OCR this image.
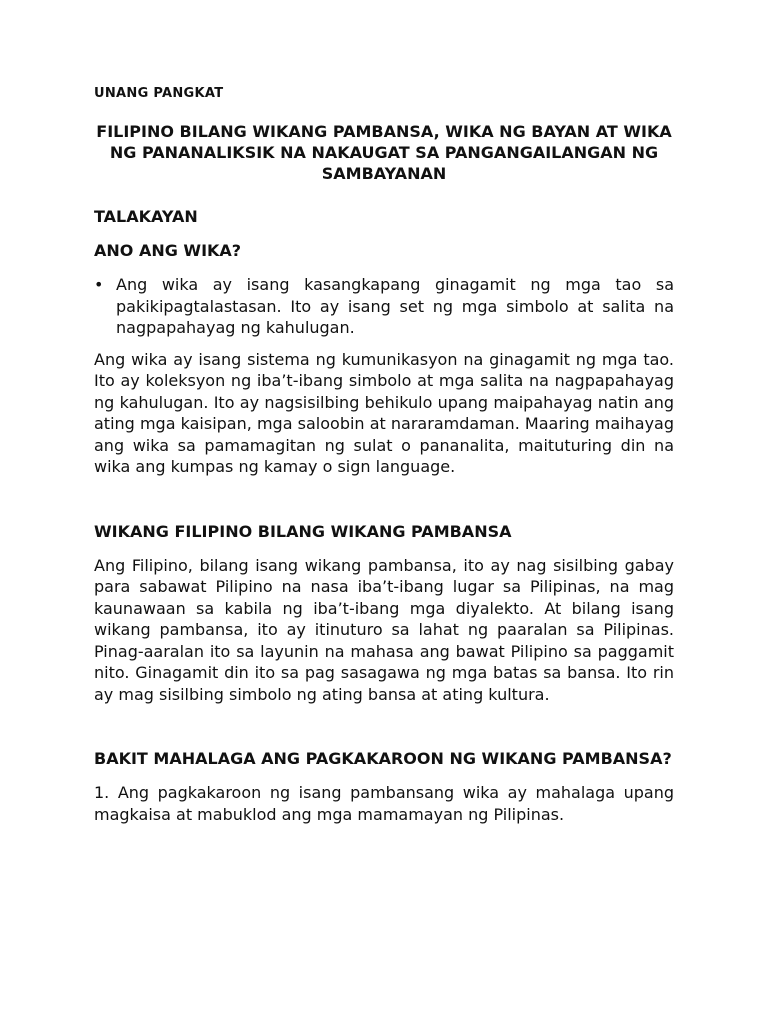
UNANG PANGKAT
FILIPINO BILANG WIKANG PAMBANSA, WIKA NG BAYAN AT WIKA NG PANANALIKSIK NA NAKAUGAT SA PANGANGAILANGAN NG SAMBAYANAN
TALAKAYAN
ANO ANG WIKA?
• Ang wika ay isang kasangkapang ginagamit ng mga tao sa pakikipagtalastasan. Ito ay isang set ng mga simbolo at salita na nagpapahayag ng kahulugan.

Ang wika ay isang sistema ng kumunikasyon na ginagamit ng mga tao. Ito ay koleksyon ng iba’t-ibang simbolo at mga salita na nagpapahayag ng kahulugan. Ito ay nagsisilbing behikulo upang maipahayag natin ang ating mga kaisipan, mga saloobin at nararamdaman. Maaring maihayag ang wika sa pamamagitan ng sulat o pananalita, maituturing din na wika ang kumpas ng kamay o sign language.

WIKANG FILIPINO BILANG WIKANG PAMBANSA

Ang Filipino, bilang isang wikang pambansa, ito ay nag sisilbing gabay para sabawat Pilipino na nasa iba’t-ibang lugar sa Pilipinas, na mag kaunawaan sa kabila ng iba’t-ibang mga diyalekto. At bilang isang wikang pambansa, ito ay itinuturo sa lahat ng paaralan sa Pilipinas. Pinag-aaralan ito sa layunin na mahasa ang bawat Pilipino sa paggamit nito. Ginagamit din ito sa pag sasagawa ng mga batas sa bansa. Ito rin ay mag sisilbing simbolo ng ating bansa at ating kultura.

BAKIT MAHALAGA ANG PAGKAKAROON NG WIKANG PAMBANSA?

1. Ang pagkakaroon ng isang pambansang wika ay mahalaga upang magkaisa at mabuklod ang mga mamamayan ng Pilipinas.
